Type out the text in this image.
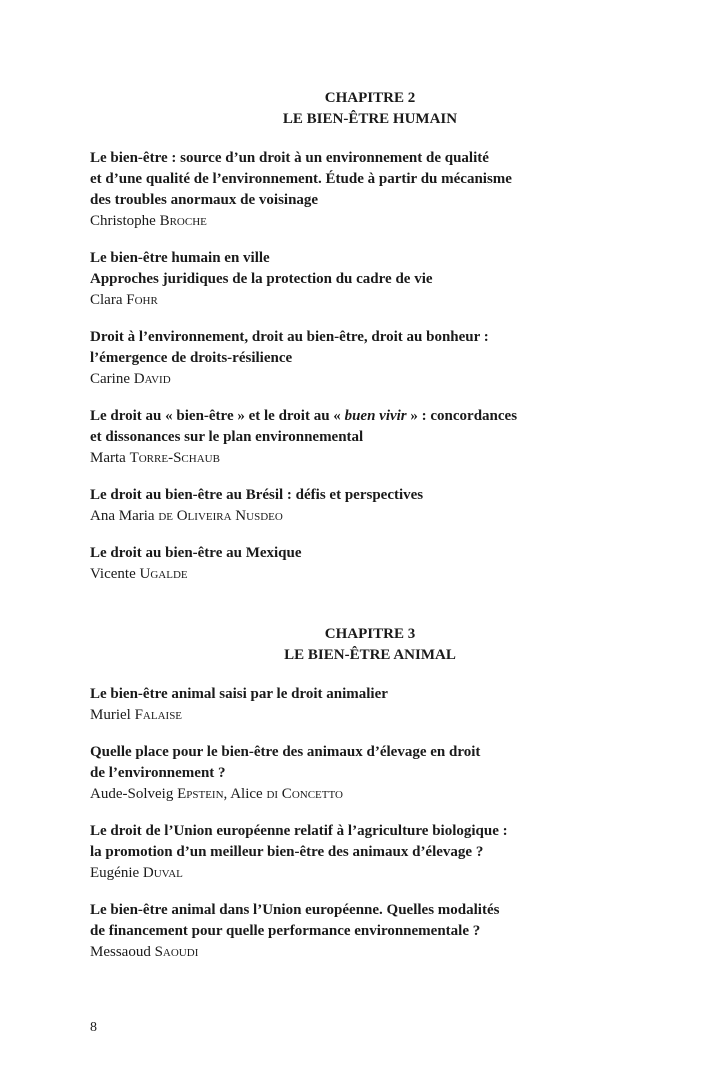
CHAPITRE 2
LE BIEN-ÊTRE HUMAIN
Le bien-être : source d’un droit à un environnement de qualité
et d’une qualité de l’environnement. Étude à partir du mécanisme
des troubles anormaux de voisinage
Christophe Broche
Le bien-être humain en ville
Approches juridiques de la protection du cadre de vie
Clara Fohr
Droit à l’environnement, droit au bien-être, droit au bonheur :
l’émergence de droits-résilience
Carine David
Le droit au « bien-être » et le droit au « buen vivir » : concordances
et dissonances sur le plan environnemental
Marta Torre-Schaub
Le droit au bien-être au Brésil : défis et perspectives
Ana Maria de Oliveira Nusdeo
Le droit au bien-être au Mexique
Vicente Ugalde
CHAPITRE 3
LE BIEN-ÊTRE ANIMAL
Le bien-être animal saisi par le droit animalier
Muriel Falaise
Quelle place pour le bien-être des animaux d’élevage en droit
de l’environnement ?
Aude-Solveig Epstein, Alice di Concetto
Le droit de l’Union européenne relatif à l’agriculture biologique :
la promotion d’un meilleur bien-être des animaux d’élevage ?
Eugénie Duval
Le bien-être animal dans l’Union européenne. Quelles modalités
de financement pour quelle performance environnementale ?
Messaoud Saoudi
8
